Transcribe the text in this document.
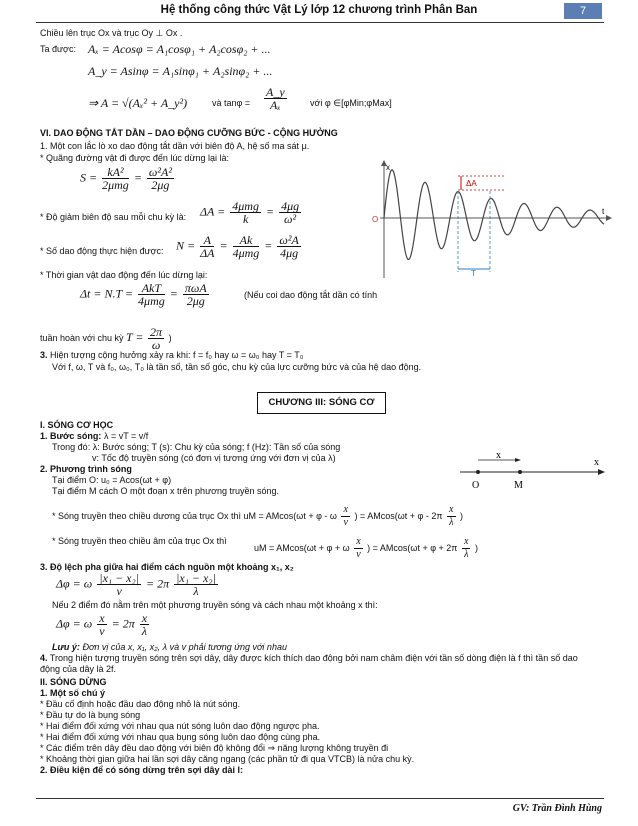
Hệ thống công thức Vật Lý lớp 12 chương trình Phân Ban	7
Chiều lên trục Ox và trục Oy ⊥ Ox .
Ta được: Aₓ = Acosφ = A₁cosφ₁ + A₂cosφ₂ + ...
A_y = Asinφ = A₁sinφ₁ + A₂sinφ₂ + ...
⇒ A = √(Aₓ² + A_y²)	và $\tan\varphi = \frac{A\_y}{\text{Aₓ}}$	với φ ∈[φMin;φMax]
VI. DAO ĐỘNG TẮT DẦN – DAO ĐỘNG CƯỠNG BỨC - CỘNG HƯỞNG
1. Một con lắc lò xo dao động tắt dần với biên độ A, hệ số ma sát μ.
* Quãng đường vật đi được đến lúc dừng lại là:
$S = \frac{\text{kA²}}{\text{2μmg}} = \frac{\text{ω²A²}}{2\mu g}$
* Độ giảm biên độ sau mỗi chu kỳ là: $\Delta A = \frac{\text{4μmg}}{k} = \frac{4\mu g}{\text{ω²}}$
* Số dao động thực hiện được: $N = \frac{A}{\Delta A} = \frac{Ak}{\text{4μmg}} = \frac{\text{ω²A}}{4\mu g}$
* Thời gian vật dao động đến lúc dừng lại:
$\Delta t = N.T = \frac{\text{AkT}}{\text{4μmg}} = \frac{\text{πωA}}{2\mu g}$	(Nếu coi dao động tắt dần có tính
tuần hoàn với chu kỳ $T = \frac{2\pi}{\omega}$ )
3. Hiện tượng cộng hưởng xảy ra khi: f = f₀ hay ω = ω₀ hay T = T₀
Với f, ω, T và f₀, ω₀, T₀ là tần số, tần số góc, chu kỳ của lực cưỡng bức và của hệ dao động.
x
t
O
ΔA
T
CHƯƠNG III: SÓNG CƠ
I. SÓNG CƠ HỌC
1. Bước sóng: λ = vT = v/f
Trong đó: λ: Bước sóng; T (s): Chu kỳ của sóng; f (Hz): Tần số của sóng
v: Tốc độ truyền sóng (có đơn vị tương ứng với đơn vị của λ)
2. Phương trình sóng
Tại điểm O: u₀ = Acos(ωt + φ)
Tại điểm M cách O một đoạn x trên phương truyền sóng.
x
x
O	M
* Sóng truyền theo chiều dương của trục Ox thì uM = AMcos(ωt + φ - ω $\frac{x}{v}$ ) = $AMcos(\omega t + \varphi - 2\pi \frac{x}{\lambda}$ )
* Sóng truyền theo chiều âm của trục Ox thì
uM = AMcos(ωt + φ + ω $\frac{x}{v}$ ) = $AMcos(\omega t + \varphi + 2\pi \frac{x}{\lambda}$ )
3. Độ lệch pha giữa hai điểm cách nguồn một khoảng x₁, x₂
Δφ = ω $\frac{\text{|x₁ − x₂|}}{v} = 2\pi \frac{\text{|x₁ − x₂|}}{\lambda}$
Nếu 2 điểm đó nằm trên một phương truyền sóng và cách nhau một khoảng x thì:
Δφ = ω $\frac{x}{v} = 2\pi \frac{x}{\lambda}$
Lưu ý: Đơn vị của x, x₁, x₂, λ và v phải tương ứng với nhau
4. Trong hiện tượng truyền sóng trên sợi dây, dây được kích thích dao động bởi nam châm điện với tần số dòng điện là f thì tần số dao
động của dây là 2f.
II. SÓNG DỪNG
1. Một số chú ý
* Đầu cố định hoặc đầu dao động nhỏ là nút sóng.
* Đầu tự do là bụng sóng
* Hai điểm đối xứng với nhau qua nút sóng luôn dao động ngược pha.
* Hai điểm đối xứng với nhau qua bụng sóng luôn dao động cùng pha.
* Các điểm trên dây đều dao động với biên độ không đổi ⇒ năng lượng không truyền đi
* Khoảng thời gian giữa hai lần sợi dây căng ngang (các phần tử đi qua VTCB) là nửa chu kỳ.
2. Điều kiện để có sóng dừng trên sợi dây dài l:
GV: Trần Đình Hùng
